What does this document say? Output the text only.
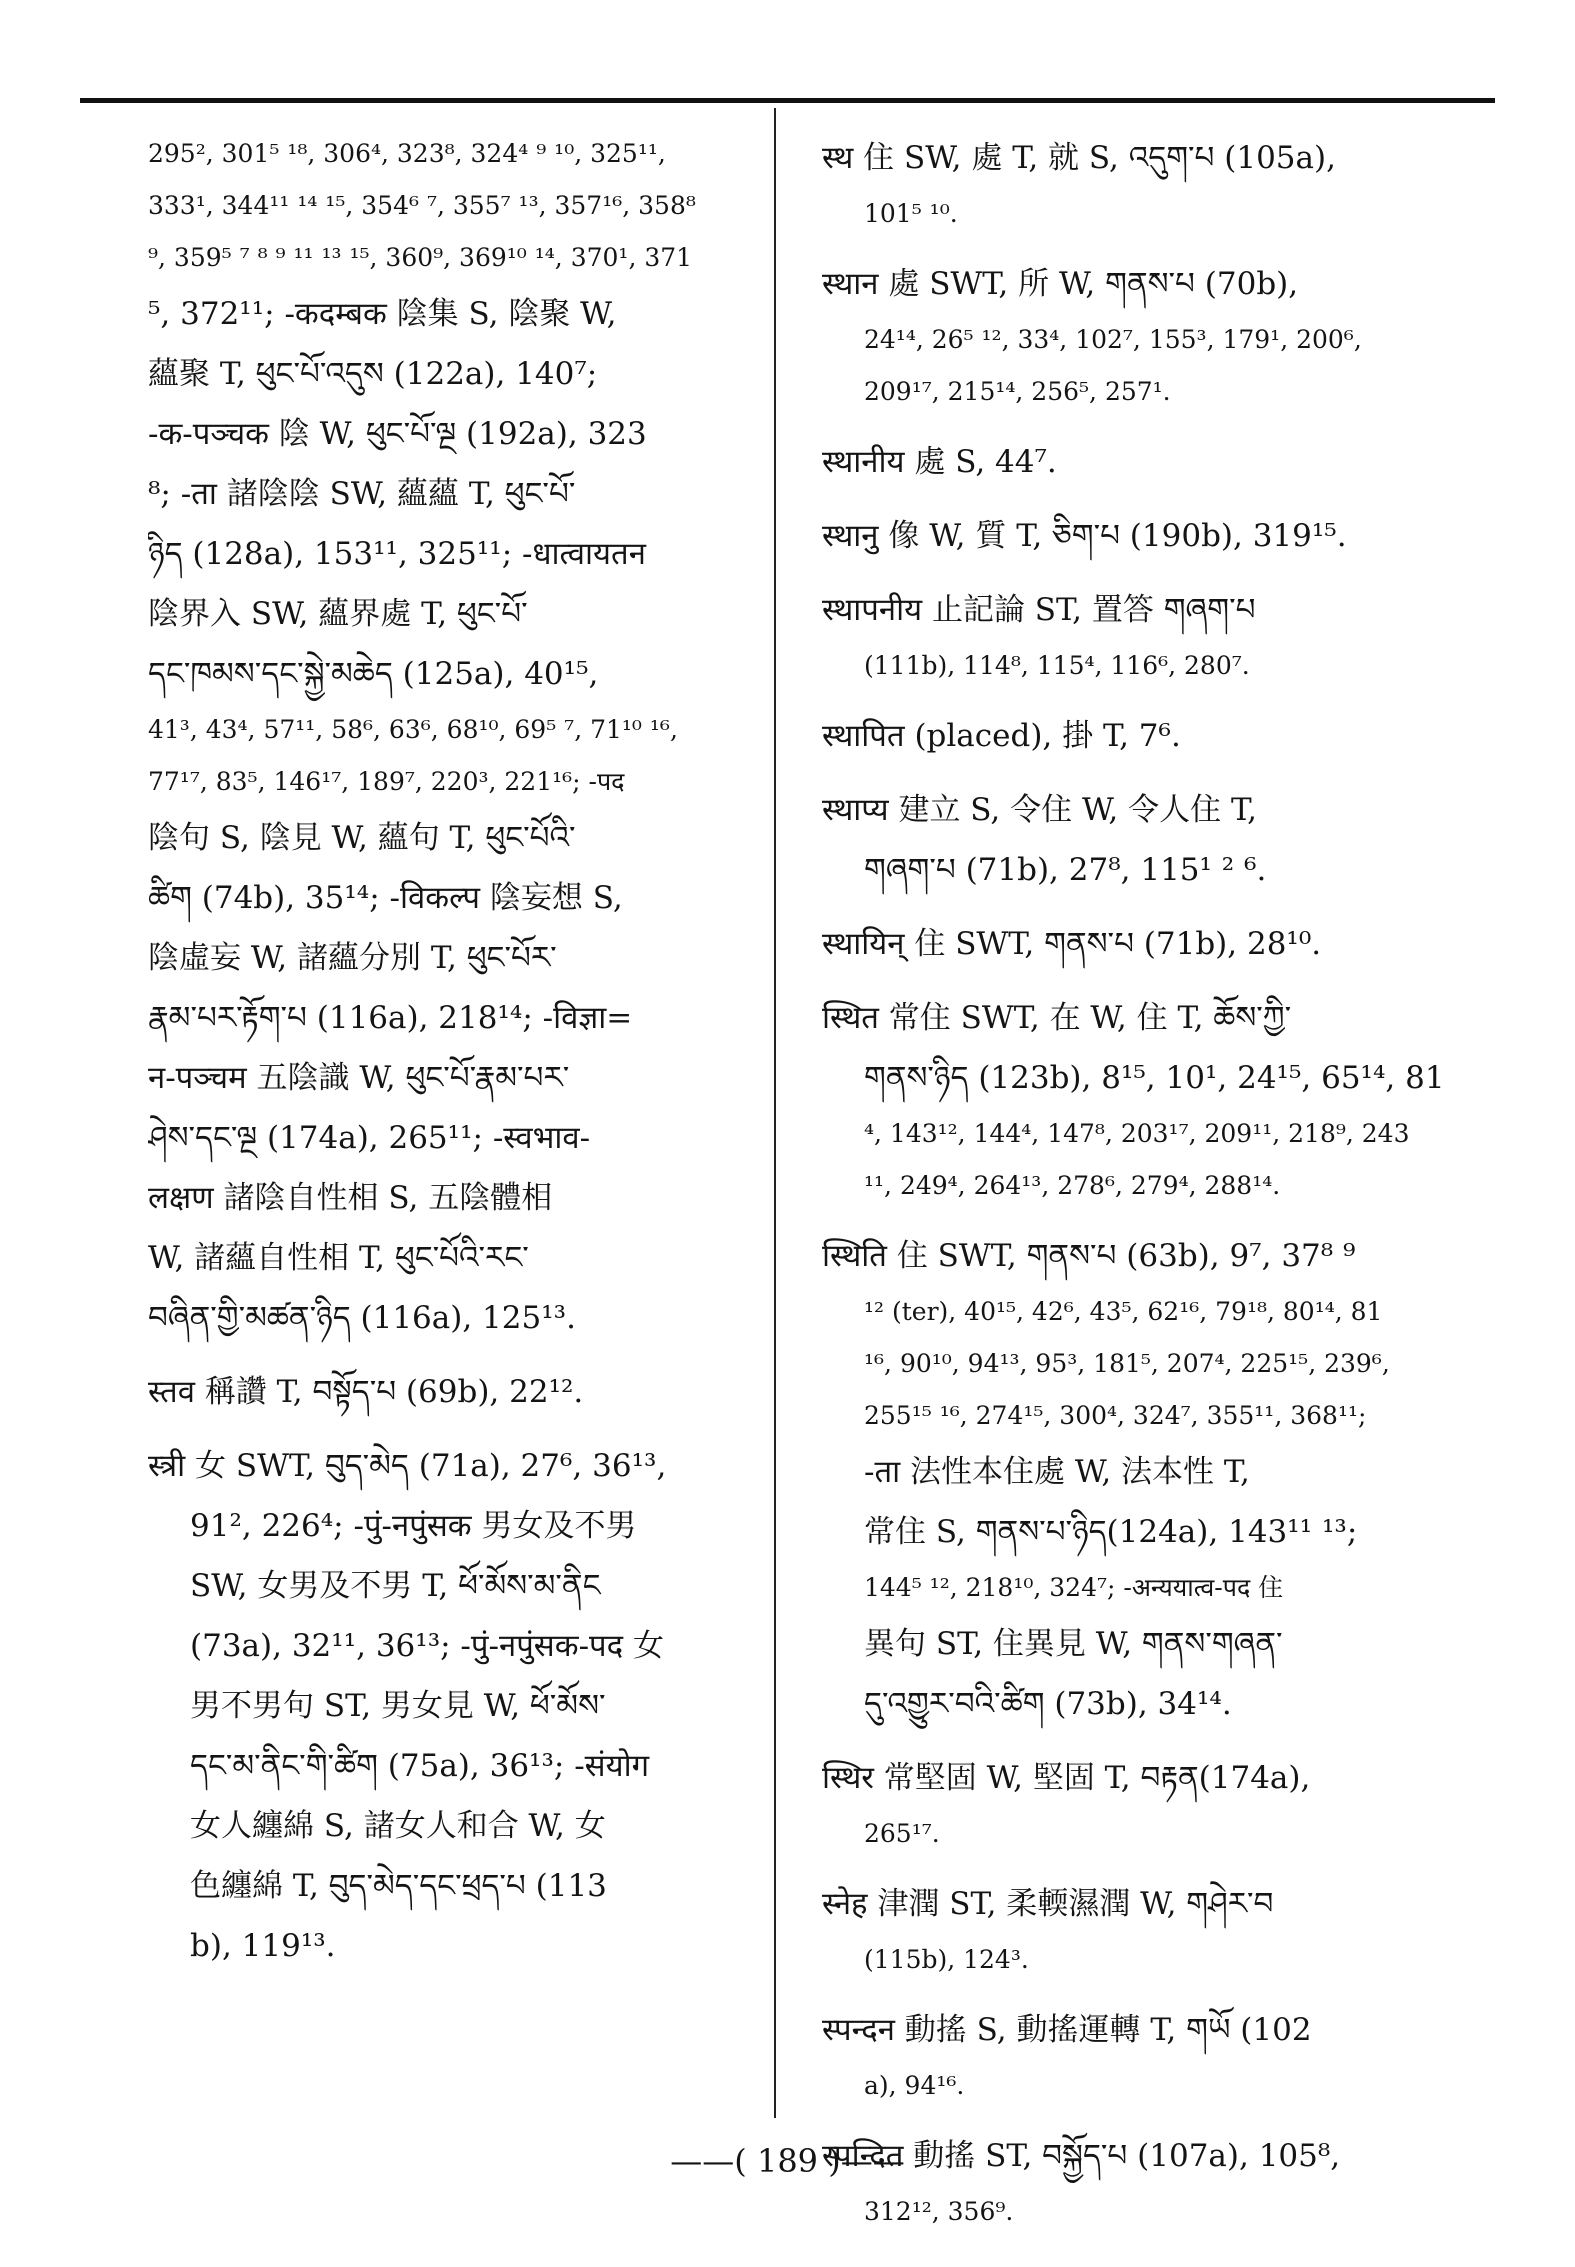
295², 301⁵ ¹⁸, 306⁴, 323⁸, 324⁴ ⁹ ¹⁰, 325¹¹,
333¹, 344¹¹ ¹⁴ ¹⁵, 354⁶ ⁷, 355⁷ ¹³, 357¹⁶, 358⁸
⁹, 359⁵ ⁷ ⁸ ⁹ ¹¹ ¹³ ¹⁵, 360⁹, 369¹⁰ ¹⁴, 370¹, 371
⁵, 372¹¹; -कदम्बक 陰集 S, 陰聚 W,
蘊聚 T, ཕུང་པོ་འདུས (122a), 140⁷;
-क-पञ्चक 陰 W, ཕུང་པོ་ལྔ (192a), 323
⁸; -ता 諸陰陰 SW, 蘊蘊 T, ཕུང་པོ་
ཉིད (128a), 153¹¹, 325¹¹; -धात्वायतन
陰界入 SW, 蘊界處 T, ཕུང་པོ་
དང་ཁམས་དང་སྐྱེ་མཆེད (125a), 40¹⁵,
41³, 43⁴, 57¹¹, 58⁶, 63⁶, 68¹⁰, 69⁵ ⁷, 71¹⁰ ¹⁶,
77¹⁷, 83⁵, 146¹⁷, 189⁷, 220³, 221¹⁶; -पद
陰句 S, 陰見 W, 蘊句 T, ཕུང་པོའི་
ཚིག (74b), 35¹⁴; -विकल्प 陰妄想 S,
陰虛妄 W, 諸蘊分別 T, ཕུང་པོར་
རྣམ་པར་རྟོག་པ (116a), 218¹⁴; -विज्ञा=
न-पञ्चम 五陰識 W, ཕུང་པོ་རྣམ་པར་
ཤེས་དང་ལྔ (174a), 265¹¹; -स्वभाव-
लक्षण 諸陰自性相 S, 五陰體相
W, 諸蘊自性相 T, ཕུང་པོའི་རང་
བཞིན་གྱི་མཚན་ཉིད (116a), 125¹³.
स्तव 稱讚 T, བསྟོད་པ (69b), 22¹².
स्त्री 女 SWT, བུད་མེད (71a), 27⁶, 36¹³,
91², 226⁴; -पुं-नपुंसक 男女及不男
SW, 女男及不男 T, ཕོ་མོས་མ་ནིང
(73a), 32¹¹, 36¹³; -पुं-नपुंसक-पद 女
男不男句 ST, 男女見 W, ཕོ་མོས་
དང་མ་ནིང་གི་ཚིག (75a), 36¹³; -संयोग
女人纏綿 S, 諸女人和合 W, 女
色纏綿 T, བུད་མེད་དང་ཕྲད་པ (113
b), 119¹³.
स्थ 住 SW, 處 T, 就 S, འདུག་པ (105a),
101⁵ ¹⁰.
स्थान 處 SWT, 所 W, གནས་པ (70b),
24¹⁴, 26⁵ ¹², 33⁴, 102⁷, 155³, 179¹, 200⁶,
209¹⁷, 215¹⁴, 256⁵, 257¹.
स्थानीय 處 S, 44⁷.
स्थानु 像 W, 質 T, ཅིག་པ (190b), 319¹⁵.
स्थापनीय 止記論 ST, 置答 གཞག་པ
(111b), 114⁸, 115⁴, 116⁶, 280⁷.
स्थापित (placed), 掛 T, 7⁶.
स्थाप्य 建立 S, 令住 W, 令人住 T,
གཞག་པ (71b), 27⁸, 115¹ ² ⁶.
स्थायिन् 住 SWT, གནས་པ (71b), 28¹⁰.
स्थित 常住 SWT, 在 W, 住 T, ཆོས་ཀྱི་
གནས་ཉིད (123b), 8¹⁵, 10¹, 24¹⁵, 65¹⁴, 81
⁴, 143¹², 144⁴, 147⁸, 203¹⁷, 209¹¹, 218⁹, 243
¹¹, 249⁴, 264¹³, 278⁶, 279⁴, 288¹⁴.
स्थिति 住 SWT, གནས་པ (63b), 9⁷, 37⁸ ⁹
¹² (ter), 40¹⁵, 42⁶, 43⁵, 62¹⁶, 79¹⁸, 80¹⁴, 81
¹⁶, 90¹⁰, 94¹³, 95³, 181⁵, 207⁴, 225¹⁵, 239⁶,
255¹⁵ ¹⁶, 274¹⁵, 300⁴, 324⁷, 355¹¹, 368¹¹;
-ता 法性本住處 W, 法本性 T,
常住 S, གནས་པ་ཉིད(124a), 143¹¹ ¹³;
144⁵ ¹², 218¹⁰, 324⁷; -अन्ययात्व-पद 住
異句 ST, 住異見 W, གནས་གཞན་
དུ་འགྱུར་བའི་ཚིག (73b), 34¹⁴.
स्थिर 常堅固 W, 堅固 T, བརྟན(174a),
265¹⁷.
स्नेह 津潤 ST, 柔輭濕潤 W, གཤེར་བ
(115b), 124³.
स्पन्दन 動搖 S, 動搖運轉 T, གཡོ (102
a), 94¹⁶.
स्पन्दित 動搖 ST, བསྐྱོད་པ (107a), 105⁸,
312¹², 356⁹.
——( 189 )——
